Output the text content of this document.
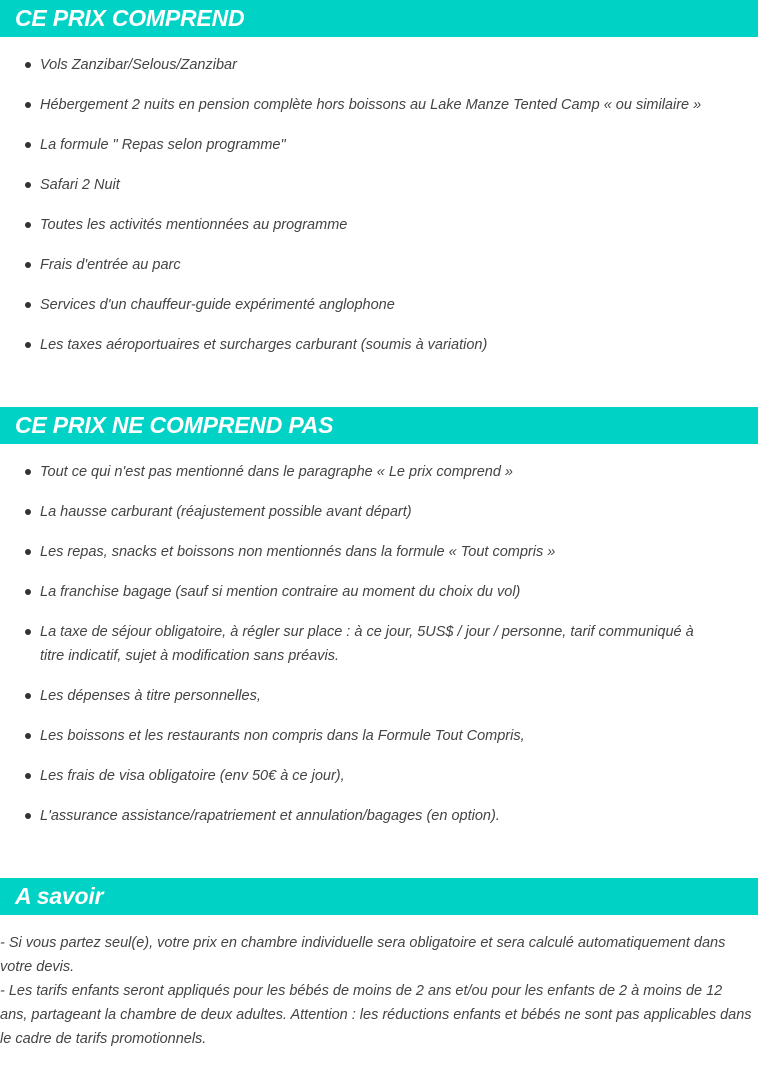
CE PRIX COMPREND
Vols Zanzibar/Selous/Zanzibar
Hébergement 2 nuits en pension complète hors boissons au Lake Manze Tented Camp « ou similaire »
La formule " Repas selon programme"
Safari 2 Nuit
Toutes les activités mentionnées au programme
Frais d'entrée au parc
Services d'un chauffeur-guide expérimenté anglophone
Les taxes aéroportuaires et surcharges carburant (soumis à variation)
CE PRIX NE COMPREND PAS
Tout ce qui n'est pas mentionné dans le paragraphe « Le prix comprend »
La hausse carburant (réajustement possible avant départ)
Les repas, snacks et boissons non mentionnés dans la formule « Tout compris »
La franchise bagage (sauf si mention contraire au moment du choix du vol)
La taxe de séjour obligatoire, à régler sur place : à ce jour, 5US$ / jour / personne, tarif communiqué à titre indicatif, sujet à modification sans préavis.
Les dépenses à titre personnelles,
Les boissons et les restaurants non compris dans la Formule Tout Compris,
Les frais de visa obligatoire (env 50€ à ce jour),
L'assurance assistance/rapatriement et annulation/bagages (en option).
A savoir

- Si vous partez seul(e), votre prix en chambre individuelle sera obligatoire et sera calculé automatiquement dans votre devis.

- Les tarifs enfants seront appliqués pour les bébés de moins de 2 ans et/ou pour les enfants de 2 à moins de 12 ans, partageant la chambre de deux adultes. Attention : les réductions enfants et bébés ne sont pas applicables dans le cadre de tarifs promotionnels.
